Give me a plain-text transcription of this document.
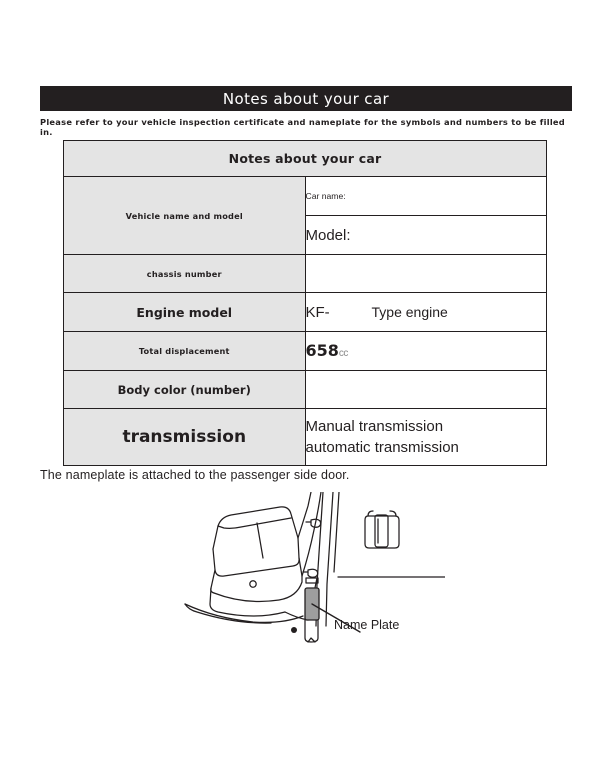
Notes about your car
Please refer to your vehicle inspection certificate and nameplate for the symbols and numbers to be filled in.
Notes about your car	
Vehicle name and model	Car name:
	Model:
chassis number	
Engine model	KF- Type engine

Total displacement	658cc
Body color (number)	
transmission	Manual transmission
automatic transmission
The nameplate is attached to the passenger side door.
Name Plate
